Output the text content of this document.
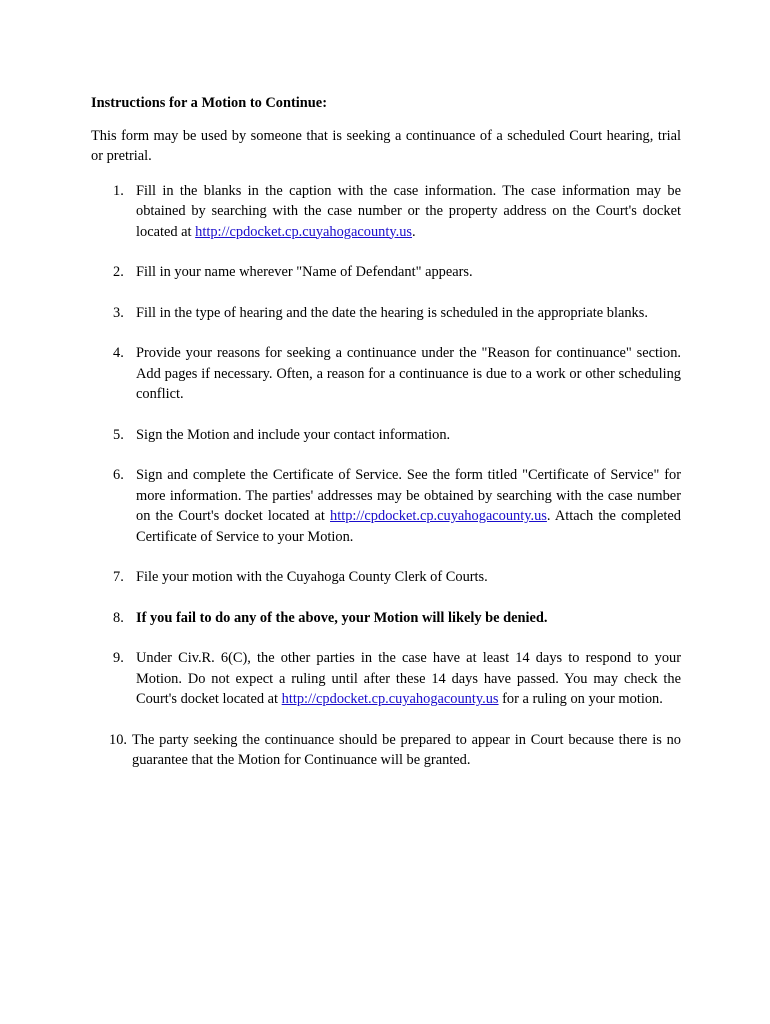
Instructions for a Motion to Continue:
This form may be used by someone that is seeking a continuance of a scheduled Court hearing, trial or pretrial.
1. Fill in the blanks in the caption with the case information. The case information may be obtained by searching with the case number or the property address on the Court's docket located at http://cpdocket.cp.cuyahogacounty.us.
2. Fill in your name wherever "Name of Defendant" appears.
3. Fill in the type of hearing and the date the hearing is scheduled in the appropriate blanks.
4. Provide your reasons for seeking a continuance under the "Reason for continuance" section. Add pages if necessary. Often, a reason for a continuance is due to a work or other scheduling conflict.
5. Sign the Motion and include your contact information.
6. Sign and complete the Certificate of Service. See the form titled "Certificate of Service" for more information. The parties' addresses may be obtained by searching with the case number on the Court's docket located at http://cpdocket.cp.cuyahogacounty.us. Attach the completed Certificate of Service to your Motion.
7. File your motion with the Cuyahoga County Clerk of Courts.
8. If you fail to do any of the above, your Motion will likely be denied.
9. Under Civ.R. 6(C), the other parties in the case have at least 14 days to respond to your Motion. Do not expect a ruling until after these 14 days have passed. You may check the Court's docket located at http://cpdocket.cp.cuyahogacounty.us for a ruling on your motion.
10. The party seeking the continuance should be prepared to appear in Court because there is no guarantee that the Motion for Continuance will be granted.
